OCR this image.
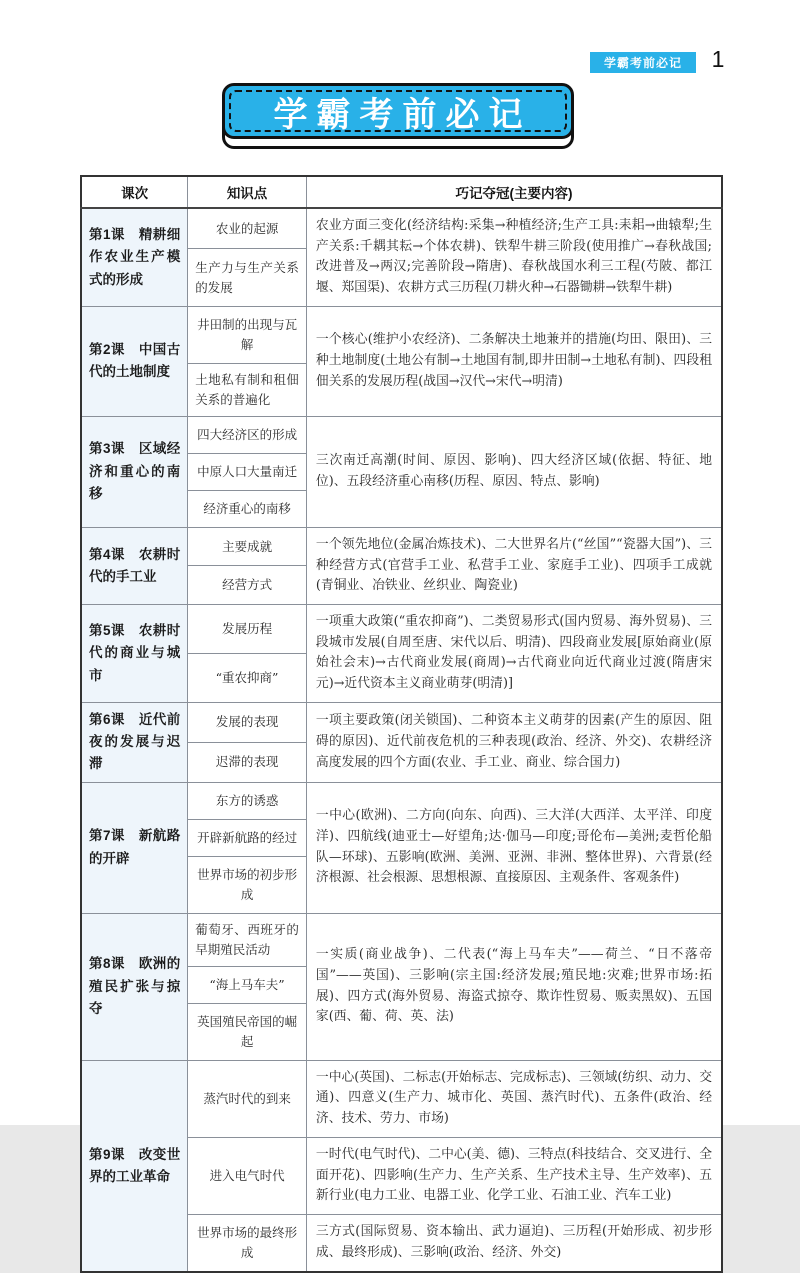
学霸考前必记 1
学霸考前必记
课次	知识点	巧记夺冠(主要内容)
第1课　精耕细作农业生产模式的形成	农业的起源	农业方面三变化(经济结构:采集→种植经济;生产工具:耒耜→曲辕犁;生产关系:千耦其耘→个体农耕)、铁犁牛耕三阶段(使用推广→春秋战国;改进普及→两汉;完善阶段→隋唐)、春秋战国水利三工程(芍陂、都江堰、郑国渠)、农耕方式三历程(刀耕火种→石器锄耕→铁犁牛耕)
	生产力与生产关系的发展	
第2课　中国古代的土地制度	井田制的出现与瓦解	一个核心(维护小农经济)、二条解决土地兼并的措施(均田、限田)、三种土地制度(土地公有制→土地国有制,即井田制→土地私有制)、四段租佃关系的发展历程(战国→汉代→宋代→明清)
	土地私有制和租佃关系的普遍化	
第3课　区域经济和重心的南移	四大经济区的形成	三次南迁高潮(时间、原因、影响)、四大经济区域(依据、特征、地位)、五段经济重心南移(历程、原因、特点、影响)
	中原人口大量南迁	
	经济重心的南移	
第4课　农耕时代的手工业	主要成就	一个领先地位(金属冶炼技术)、二大世界名片(“丝国”“瓷器大国”)、三种经营方式(官营手工业、私营手工业、家庭手工业)、四项手工成就(青铜业、冶铁业、丝织业、陶瓷业)
	经营方式	
第5课　农耕时代的商业与城市	发展历程	一项重大政策(“重农抑商”)、二类贸易形式(国内贸易、海外贸易)、三段城市发展(自周至唐、宋代以后、明清)、四段商业发展[原始商业(原始社会末)→古代商业发展(商周)→古代商业向近代商业过渡(隋唐宋元)→近代资本主义商业萌芽(明清)]
	“重农抑商”	
第6课　近代前夜的发展与迟滞	发展的表现	一项主要政策(闭关锁国)、二种资本主义萌芽的因素(产生的原因、阻碍的原因)、近代前夜危机的三种表现(政治、经济、外交)、农耕经济高度发展的四个方面(农业、手工业、商业、综合国力)
	迟滞的表现	
第7课　新航路的开辟	东方的诱惑	一中心(欧洲)、二方向(向东、向西)、三大洋(大西洋、太平洋、印度洋)、四航线(迪亚士—好望角;达·伽马—印度;哥伦布—美洲;麦哲伦船队—环球)、五影响(欧洲、美洲、亚洲、非洲、整体世界)、六背景(经济根源、社会根源、思想根源、直接原因、主观条件、客观条件)
	开辟新航路的经过	
	世界市场的初步形成	
第8课　欧洲的殖民扩张与掠夺	葡萄牙、西班牙的早期殖民活动	一实质(商业战争)、二代表(“海上马车夫”——荷兰、“日不落帝国”——英国)、三影响(宗主国:经济发展;殖民地:灾难;世界市场:拓展)、四方式(海外贸易、海盗式掠夺、欺诈性贸易、贩卖黑奴)、五国家(西、葡、荷、英、法)
	“海上马车夫”	
	英国殖民帝国的崛起	
第9课　改变世界的工业革命	蒸汽时代的到来	一中心(英国)、二标志(开始标志、完成标志)、三领域(纺织、动力、交通)、四意义(生产力、城市化、英国、蒸汽时代)、五条件(政治、经济、技术、劳力、市场)
	进入电气时代	一时代(电气时代)、二中心(美、德)、三特点(科技结合、交叉进行、全面开花)、四影响(生产力、生产关系、生产技术主导、生产效率)、五新行业(电力工业、电器工业、化学工业、石油工业、汽车工业)
	世界市场的最终形成	三方式(国际贸易、资本输出、武力逼迫)、三历程(开始形成、初步形成、最终形成)、三影响(政治、经济、外交)
